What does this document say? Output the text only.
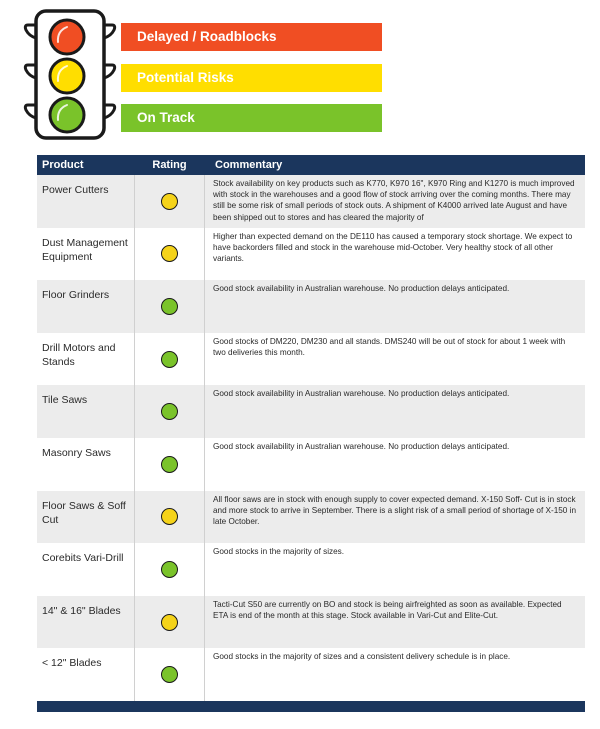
Delayed / Roadblocks
Potential Risks
On Track
Product	Rating	Commentary
Power Cutters
Stock availability on key products such as K770, K970 16", K970 Ring and K1270 is much improved with stock in the warehouses and a good flow of stock arriving over the coming months. There may still be some risk of small periods of stock outs. A shipment of K4000 arrived late August and have been shipped out to stores and has cleared the majority of
Dust Management Equipment
Higher than expected demand on the DE110 has caused a temporary stock shortage. We expect to have backorders filled and stock in the warehouse mid-October. Very healthy stock of all other variants.
Floor Grinders
Good stock availability in Australian warehouse. No production delays anticipated.
Drill Motors and Stands
Good stocks of DM220, DM230 and all stands. DMS240 will be out of stock for about 1 week with two deliveries this month.
Tile Saws
Good stock availability in Australian warehouse. No production delays anticipated.
Masonry Saws
Good stock availability in Australian warehouse. No production delays anticipated.
Floor Saws & Soff Cut
All floor saws are in stock with enough supply to cover expected demand. X-150 Soff- Cut is in stock and more stock to arrive in September. There is a slight risk of a small period of shortage of X-150 in late October.
Corebits Vari-Drill
Good stocks in the majority of sizes.
14" & 16" Blades
Tacti-Cut S50 are currently on BO and stock is being airfreighted as soon as available. Expected ETA is end of the month at this stage. Stock available in Vari-Cut and Elite-Cut.
< 12" Blades
Good stocks in the majority of sizes and a consistent delivery schedule is in place.
